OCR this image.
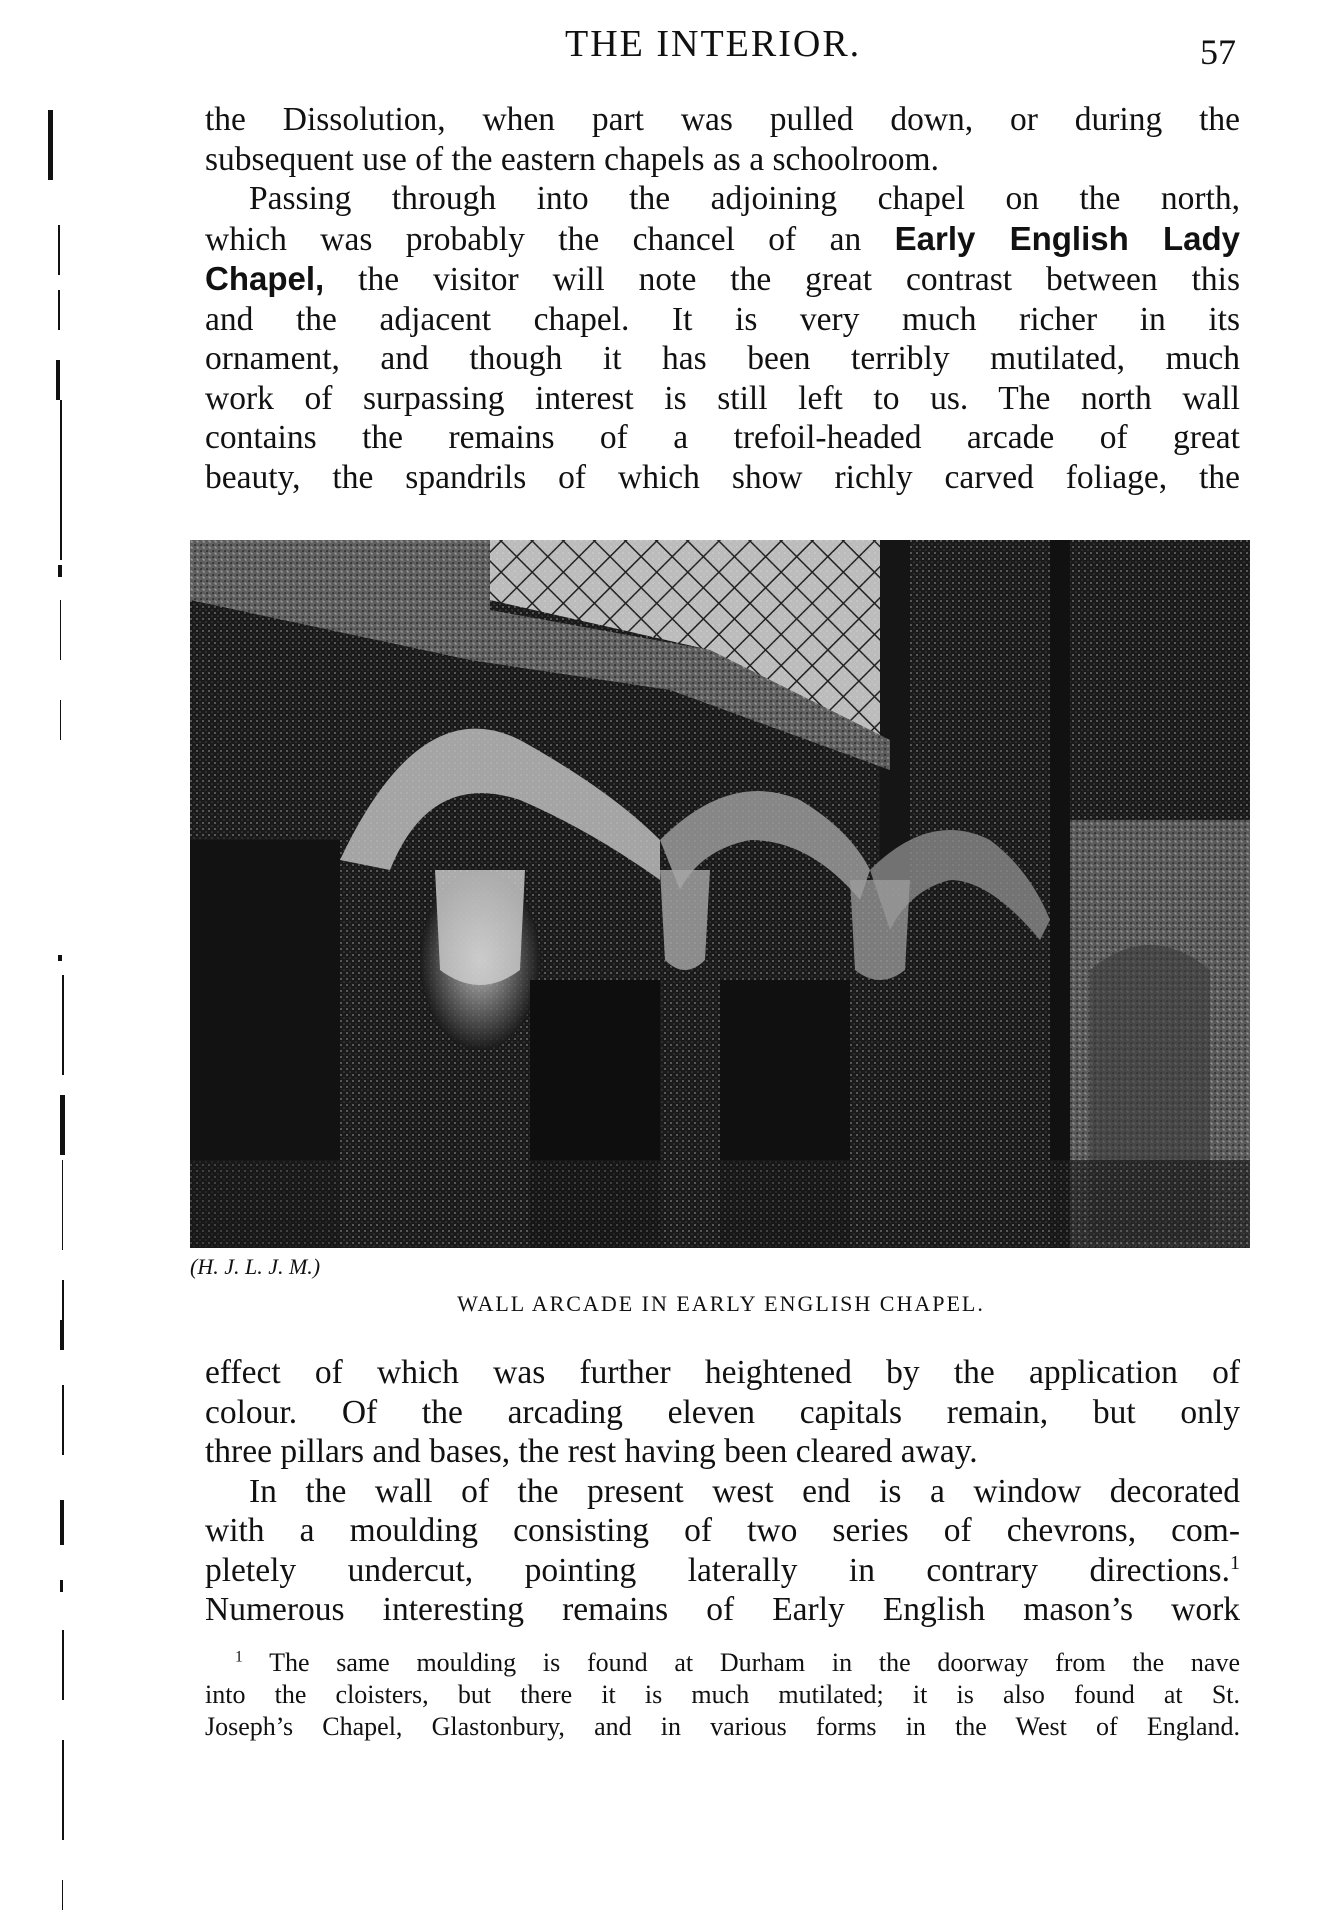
THE INTERIOR.	57
the Dissolution, when part was pulled down, or during the
subsequent use of the eastern chapels as a schoolroom.
Passing through into the adjoining chapel on the north,
which was probably the chancel of an Early English Lady
Chapel, the visitor will note the great contrast between this
and the adjacent chapel. It is very much richer in its
ornament, and though it has been terribly mutilated, much
work of surpassing interest is still left to us. The north wall
contains the remains of a trefoil-headed arcade of great
beauty, the spandrils of which show richly carved foliage, the
(H. J. L. J. M.)
WALL ARCADE IN EARLY ENGLISH CHAPEL.
effect of which was further heightened by the application of
colour. Of the arcading eleven capitals remain, but only
three pillars and bases, the rest having been cleared away.
In the wall of the present west end is a window decorated
with a moulding consisting of two series of chevrons, com-
pletely undercut, pointing laterally in contrary directions.$^1$
Numerous interesting remains of Early English mason’s work
$^1$ The same moulding is found at Durham in the doorway from the nave
into the cloisters, but there it is much mutilated; it is also found at St.
Joseph’s Chapel, Glastonbury, and in various forms in the West of England.
